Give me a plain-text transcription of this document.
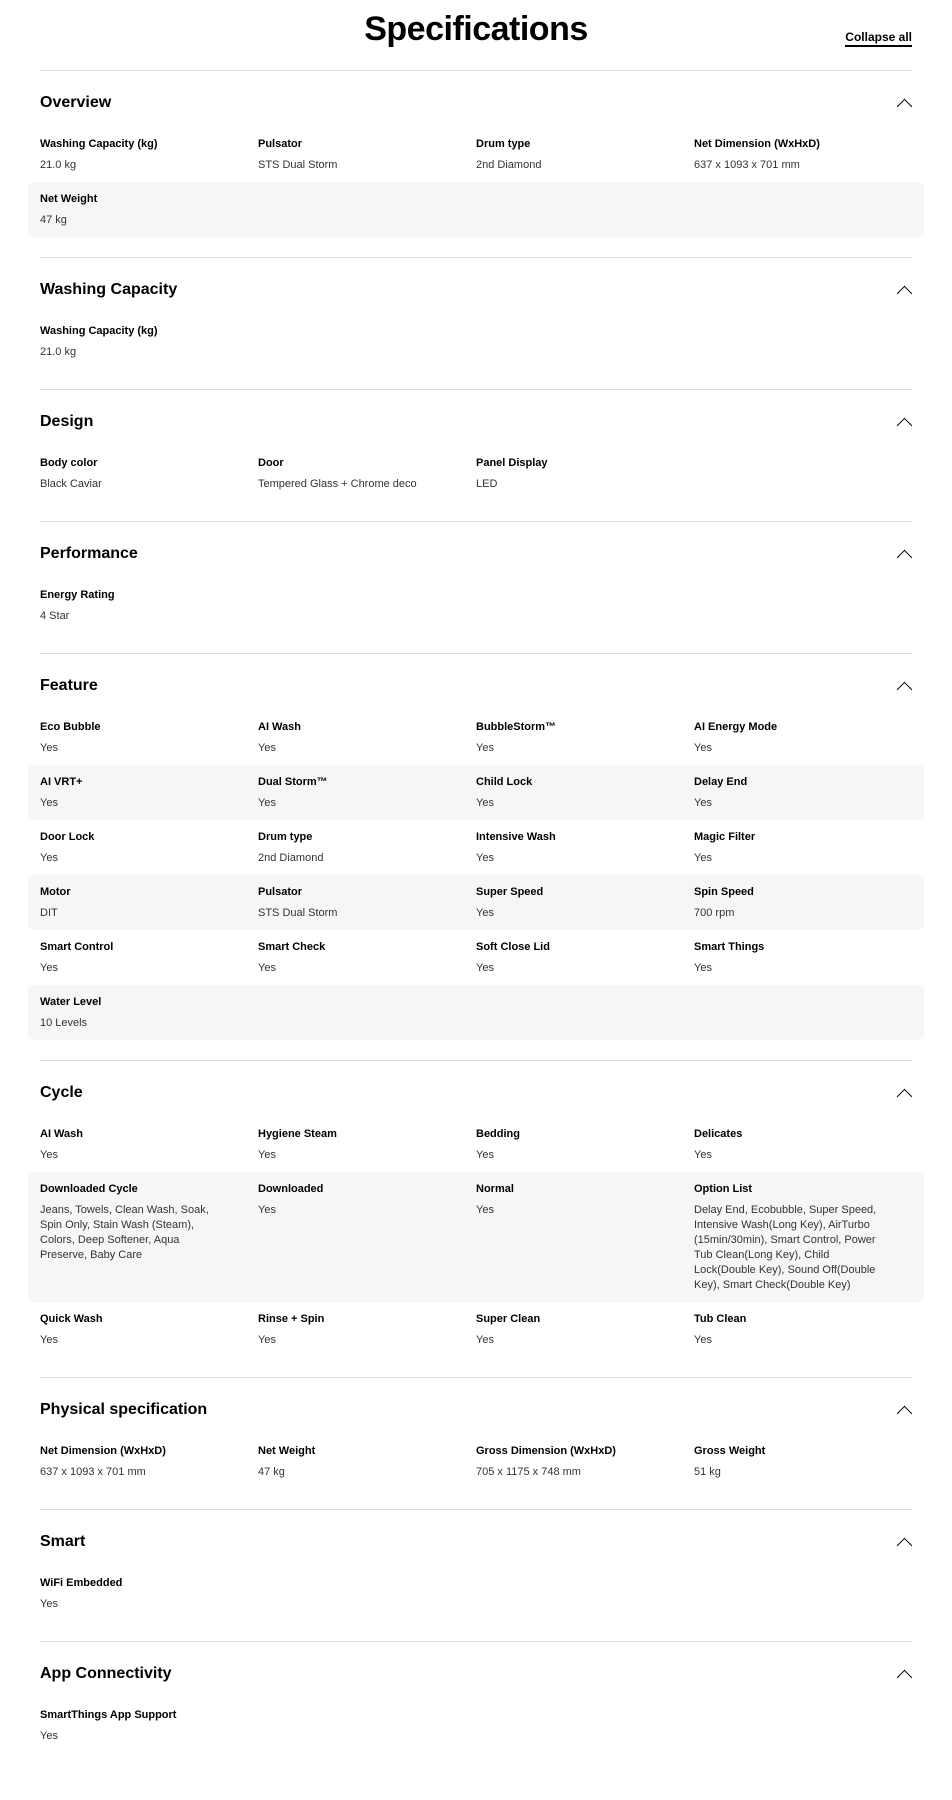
Specifications	Collapse all
Overview
Washing Capacity (kg)
21.0 kg
Pulsator
STS Dual Storm
Drum type
2nd Diamond
Net Dimension (WxHxD)
637 x 1093 x 701 mm
Net Weight
47 kg
Washing Capacity
Washing Capacity (kg)
21.0 kg
Design
Body color
Black Caviar
Door
Tempered Glass + Chrome deco
Panel Display
LED
Performance
Energy Rating
4 Star
Feature
Eco Bubble
Yes
AI Wash
Yes
BubbleStorm™
Yes
AI Energy Mode
Yes
AI VRT+
Yes
Dual Storm™
Yes
Child Lock
Yes
Delay End
Yes
Door Lock
Yes
Drum type
2nd Diamond
Intensive Wash
Yes
Magic Filter
Yes
Motor
DIT
Pulsator
STS Dual Storm
Super Speed
Yes
Spin Speed
700 rpm
Smart Control
Yes
Smart Check
Yes
Soft Close Lid
Yes
Smart Things
Yes
Water Level
10 Levels
Cycle
AI Wash
Yes
Hygiene Steam
Yes
Bedding
Yes
Delicates
Yes
Downloaded Cycle
Jeans, Towels, Clean Wash, Soak, Spin Only, Stain Wash (Steam), Colors, Deep Softener, Aqua Preserve, Baby Care
Downloaded
Yes
Normal
Yes
Option List
Delay End, Ecobubble, Super Speed, Intensive Wash(Long Key), AirTurbo (15min/30min), Smart Control, Power Tub Clean(Long Key), Child Lock(Double Key), Sound Off(Double Key), Smart Check(Double Key)
Quick Wash
Yes
Rinse + Spin
Yes
Super Clean
Yes
Tub Clean
Yes
Physical specification
Net Dimension (WxHxD)
637 x 1093 x 701 mm
Net Weight
47 kg
Gross Dimension (WxHxD)
705 x 1175 x 748 mm
Gross Weight
51 kg
Smart
WiFi Embedded
Yes
App Connectivity
SmartThings App Support
Yes
